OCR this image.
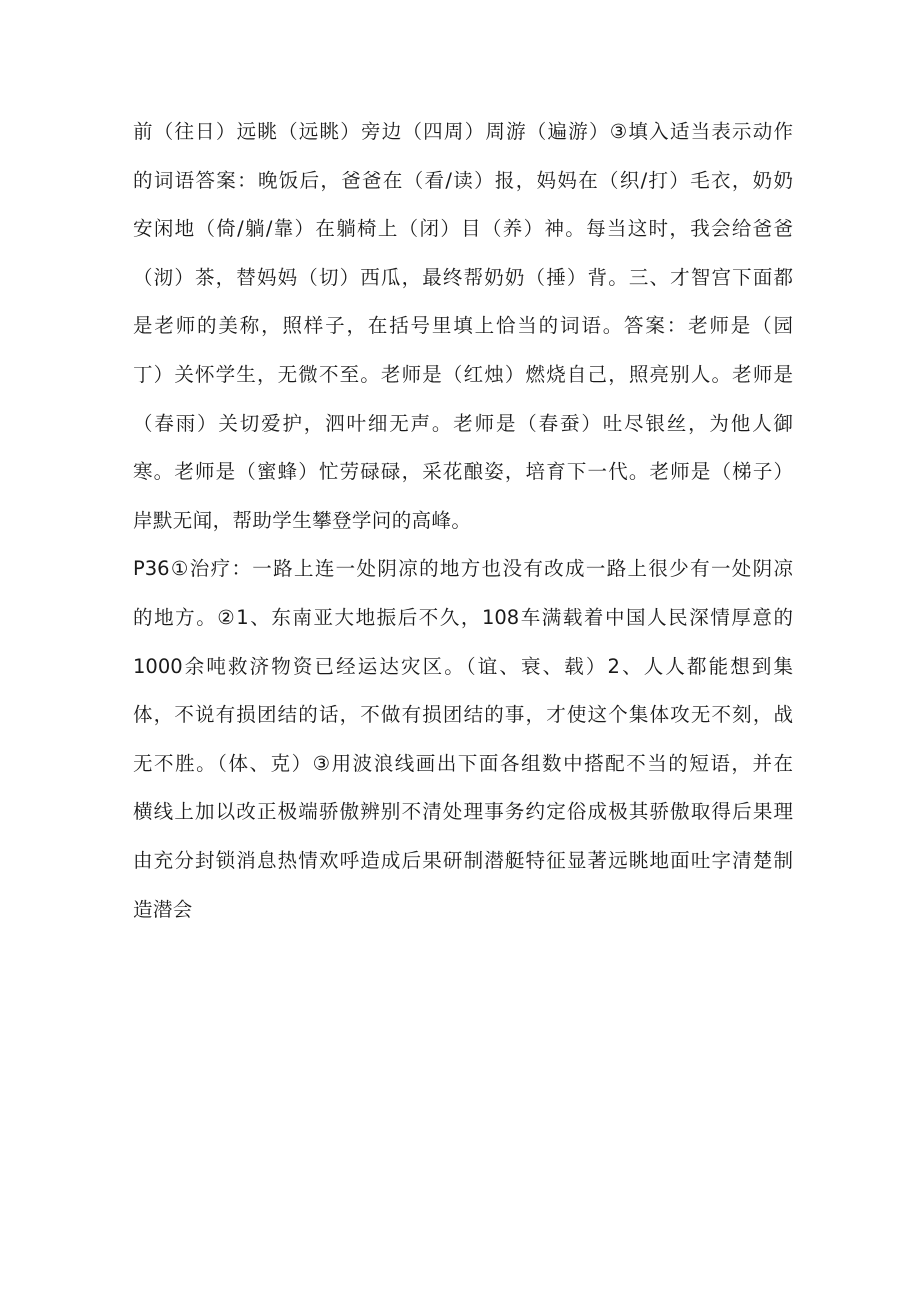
前（往日）远眺（远眺）旁边（四周）周游（遍游）③填入适当表示动作
的词语答案：晚饭后，爸爸在（看/读）报，妈妈在（织/打）毛衣，奶奶
安闲地（倚/躺/靠）在躺椅上（闭）目（养）神。每当这时，我会给爸爸
（沏）茶，替妈妈（切）西瓜，最终帮奶奶（捶）背。三、才智宫下面都
是老师的美称，照样子，在括号里填上恰当的词语。答案：老师是（园
丁）关怀学生，无微不至。老师是（红烛）燃烧自己，照亮别人。老师是
（春雨）关切爱护，泗叶细无声。老师是（春蚕）吐尽银丝，为他人御
寒。老师是（蜜蜂）忙劳碌碌，采花酿姿，培育下一代。老师是（梯子）
岸默无闻，帮助学生攀登学问的高峰。
P36①治疗：一路上连一处阴凉的地方也没有改成一路上很少有一处阴凉
的地方。②1、东南亚大地振后不久，108车满载着中国人民深情厚意的
1000余吨救济物资已经运达灾区。（谊、衰、载）2、人人都能想到集
体，不说有损团结的话，不做有损团结的事，才使这个集体攻无不刻，战
无不胜。（体、克）③用波浪线画出下面各组数中搭配不当的短语，并在
横线上加以改正极端骄傲辨别不清处理事务约定俗成极其骄傲取得后果理
由充分封锁消息热情欢呼造成后果研制潜艇特征显著远眺地面吐字清楚制
造潜会
